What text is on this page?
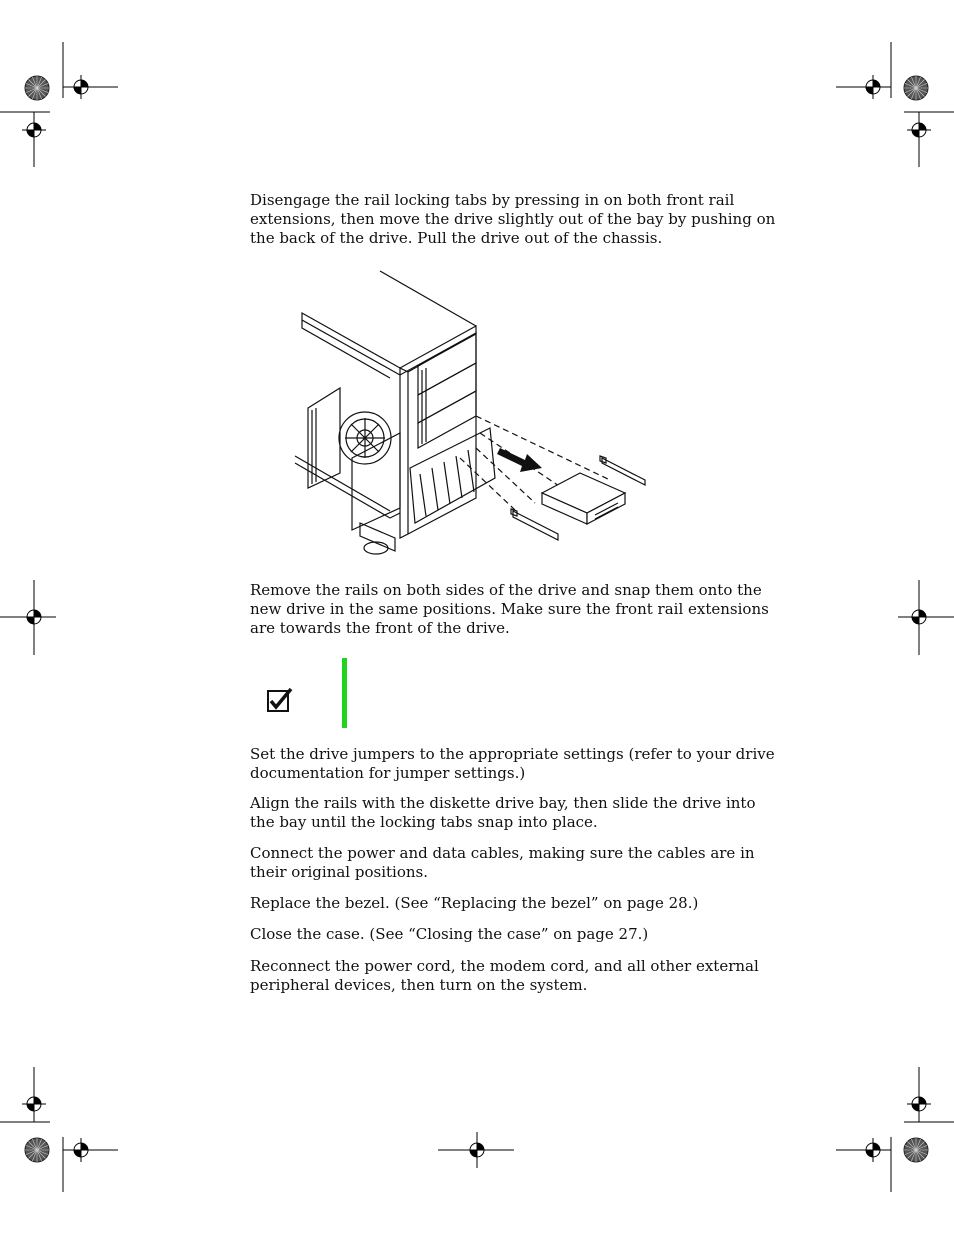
Disengage the rail locking tabs by pressing in on both front rail extensions, then move the drive slightly out of the bay by pushing on the back of the drive. Pull the drive out of the chassis.

Remove the rails on both sides of the drive and snap them onto the new drive in the same positions. Make sure the front rail extensions are towards the front of the drive.

Set the drive jumpers to the appropriate settings (refer to your drive documentation for jumper settings.)

Align the rails with the diskette drive bay, then slide the drive into the bay until the locking tabs snap into place.

Connect the power and data cables, making sure the cables are in their original positions.

Replace the bezel. (See “Replacing the bezel” on page 28.)

Close the case. (See “Closing the case” on page 27.)

Reconnect the power cord, the modem cord, and all other external peripheral devices, then turn on the system.
